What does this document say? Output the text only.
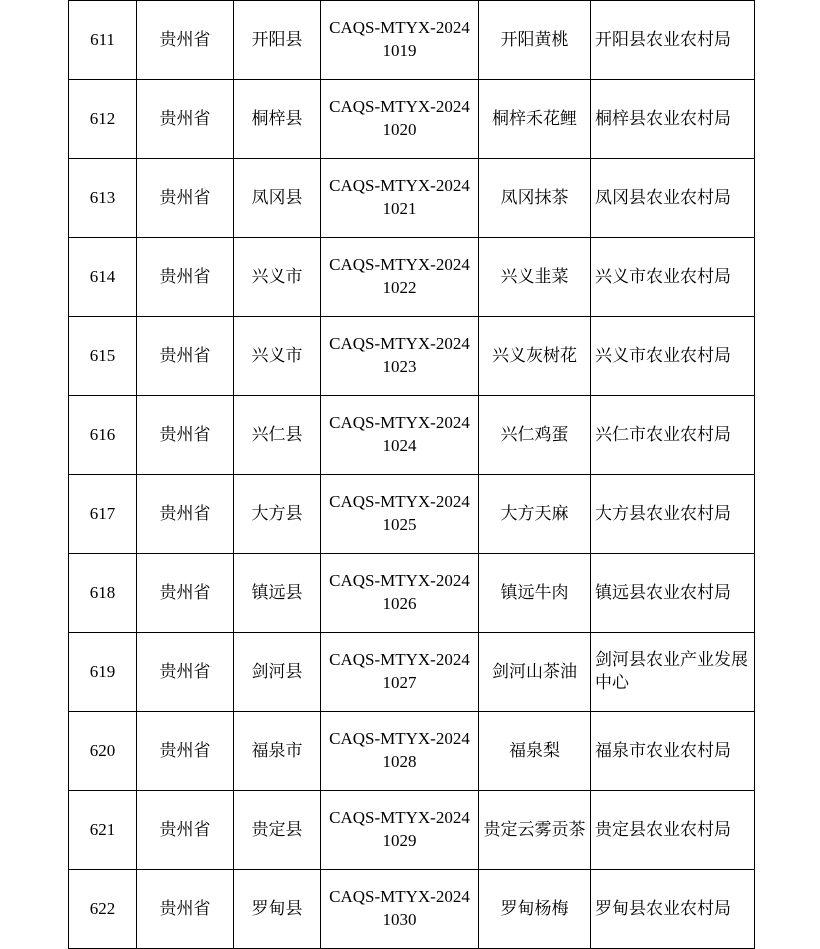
611	贵州省	开阳县	CAQS-MTYX-20241019	开阳黄桃	开阳县农业农村局
612	贵州省	桐梓县	CAQS-MTYX-20241020	桐梓禾花鲤	桐梓县农业农村局
613	贵州省	凤冈县	CAQS-MTYX-20241021	凤冈抹茶	凤冈县农业农村局
614	贵州省	兴义市	CAQS-MTYX-20241022	兴义韭菜	兴义市农业农村局
615	贵州省	兴义市	CAQS-MTYX-20241023	兴义灰树花	兴义市农业农村局
616	贵州省	兴仁县	CAQS-MTYX-20241024	兴仁鸡蛋	兴仁市农业农村局
617	贵州省	大方县	CAQS-MTYX-20241025	大方天麻	大方县农业农村局
618	贵州省	镇远县	CAQS-MTYX-20241026	镇远牛肉	镇远县农业农村局
619	贵州省	剑河县	CAQS-MTYX-20241027	剑河山茶油	剑河县农业产业发展中心
620	贵州省	福泉市	CAQS-MTYX-20241028	福泉梨	福泉市农业农村局
621	贵州省	贵定县	CAQS-MTYX-20241029	贵定云雾贡茶	贵定县农业农村局
622	贵州省	罗甸县	CAQS-MTYX-20241030	罗甸杨梅	罗甸县农业农村局
